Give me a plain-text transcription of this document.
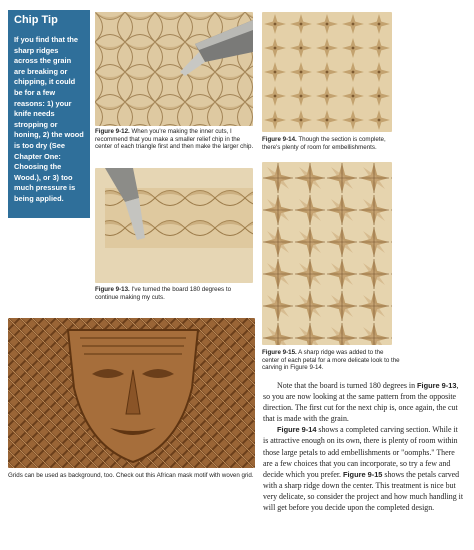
Chip Tip
If you find that the sharp ridges across the grain are breaking or chipping, it could be for a few reasons: 1) your knife needs stropping or honing, 2) the wood is too dry (See Chapter One: Choosing the Wood.), or 3) too much pressure is being applied.
Figure 9-12. When you're making the inner cuts, I recommend that you make a smaller relief chip in the center of each triangle first and then make the larger chip.
Figure 9-13. I've turned the board 180 degrees to continue making my cuts.
Figure 9-14. Though the section is complete, there's plenty of room for embellishments.
Figure 9-15. A sharp ridge was added to the center of each petal for a more delicate look to the carving in Figure 9-14.
Grids can be used as background, too. Check out this African mask motif with woven grid.

Note that the board is turned 180 degrees in Figure 9-13, so you are now looking at the same pattern from the opposite direction. The first cut for the next chip is, once again, the cut that is made with the grain.

Figure 9-14 shows a completed carving section. While it is attractive enough on its own, there is plenty of room within those large petals to add embellishments or "oomphs." There are a few choices that you can incorporate, so try a few and decide which you prefer. Figure 9-15 shows the petals carved with a sharp ridge down the center. This treatment is nice but very delicate, so consider the project and how much handling it will get before you decide upon the completed design.
